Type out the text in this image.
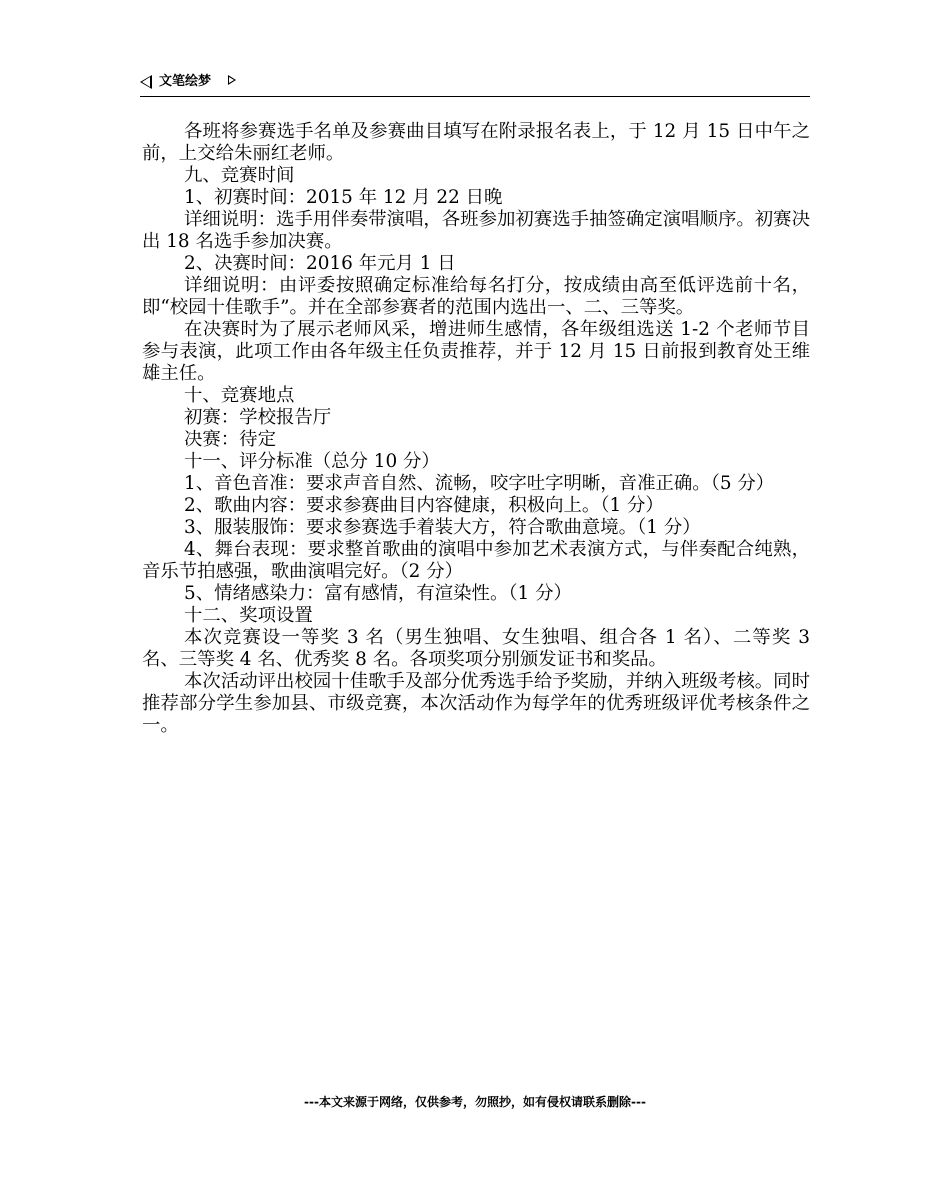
文笔绘梦

各班将参赛选手名单及参赛曲目填写在附录报名表上，于 12 月 15 日中午之前，上交给朱丽红老师。

九、竞赛时间

1、初赛时间：2015 年 12 月 22 日晚

详细说明：选手用伴奏带演唱，各班参加初赛选手抽签确定演唱顺序。初赛决出 18 名选手参加决赛。

2、决赛时间：2016 年元月 1 日

详细说明：由评委按照确定标准给每名打分，按成绩由高至低评选前十名，即“校园十佳歌手”。并在全部参赛者的范围内选出一、二、三等奖。

在决赛时为了展示老师风采，增进师生感情，各年级组选送 1-2 个老师节目参与表演，此项工作由各年级主任负责推荐，并于 12 月 15 日前报到教育处王维雄主任。

十、竞赛地点

初赛：学校报告厅

决赛：待定

十一、评分标准（总分 10 分）

1、音色音准：要求声音自然、流畅，咬字吐字明晰，音准正确。（5 分）

2、歌曲内容：要求参赛曲目内容健康，积极向上。（1 分）

3、服装服饰：要求参赛选手着装大方，符合歌曲意境。（1 分）

4、舞台表现：要求整首歌曲的演唱中参加艺术表演方式，与伴奏配合纯熟，音乐节拍感强，歌曲演唱完好。（2 分）

5、情绪感染力：富有感情，有渲染性。（1 分）

十二、奖项设置

本次竞赛设一等奖 3 名（男生独唱、女生独唱、组合各 1 名）、二等奖 3 名、三等奖 4 名、优秀奖 8 名。各项奖项分别颁发证书和奖品。

本次活动评出校园十佳歌手及部分优秀选手给予奖励，并纳入班级考核。同时推荐部分学生参加县、市级竞赛，本次活动作为每学年的优秀班级评优考核条件之一。

---本文来源于网络，仅供参考，勿照抄，如有侵权请联系删除---
